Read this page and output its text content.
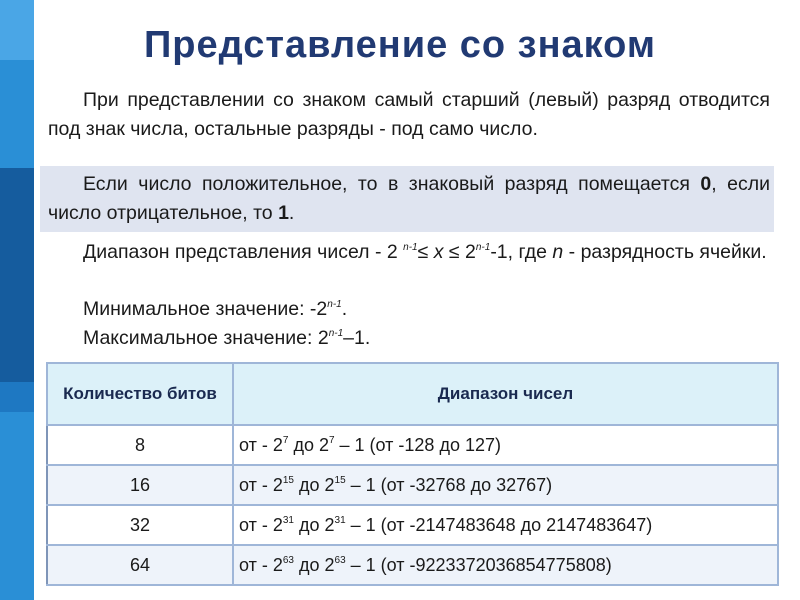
Представление со знаком

При представлении со знаком самый старший (левый) разряд отводится под знак числа, остальные разряды - под само число.

Если число положительное, то в знаковый разряд помещается 0, если число отрицательное, то 1.

Диапазон представления чисел - 2 $^{n-1}\le x \le 2^{n-1}-1$, где n - разрядность ячейки.

Минимальное значение: -2$^{n-1}$.

Максимальное значение: 2$^{n-1}$–1.

Количество битов	Диапазон чисел
8	от - $2^7$ до $2^7 - 1$ (от -128 до 127)
16	от - $2^{15}$ до $2^{15} - 1$ (от -32768 до 32767)
32	от - $2^{31}$ до $2^{31} - 1$ (от -2147483648 до 2147483647)
64	от - $2^{63}$ до $2^{63} - 1$ (от -9223372036854775808)
